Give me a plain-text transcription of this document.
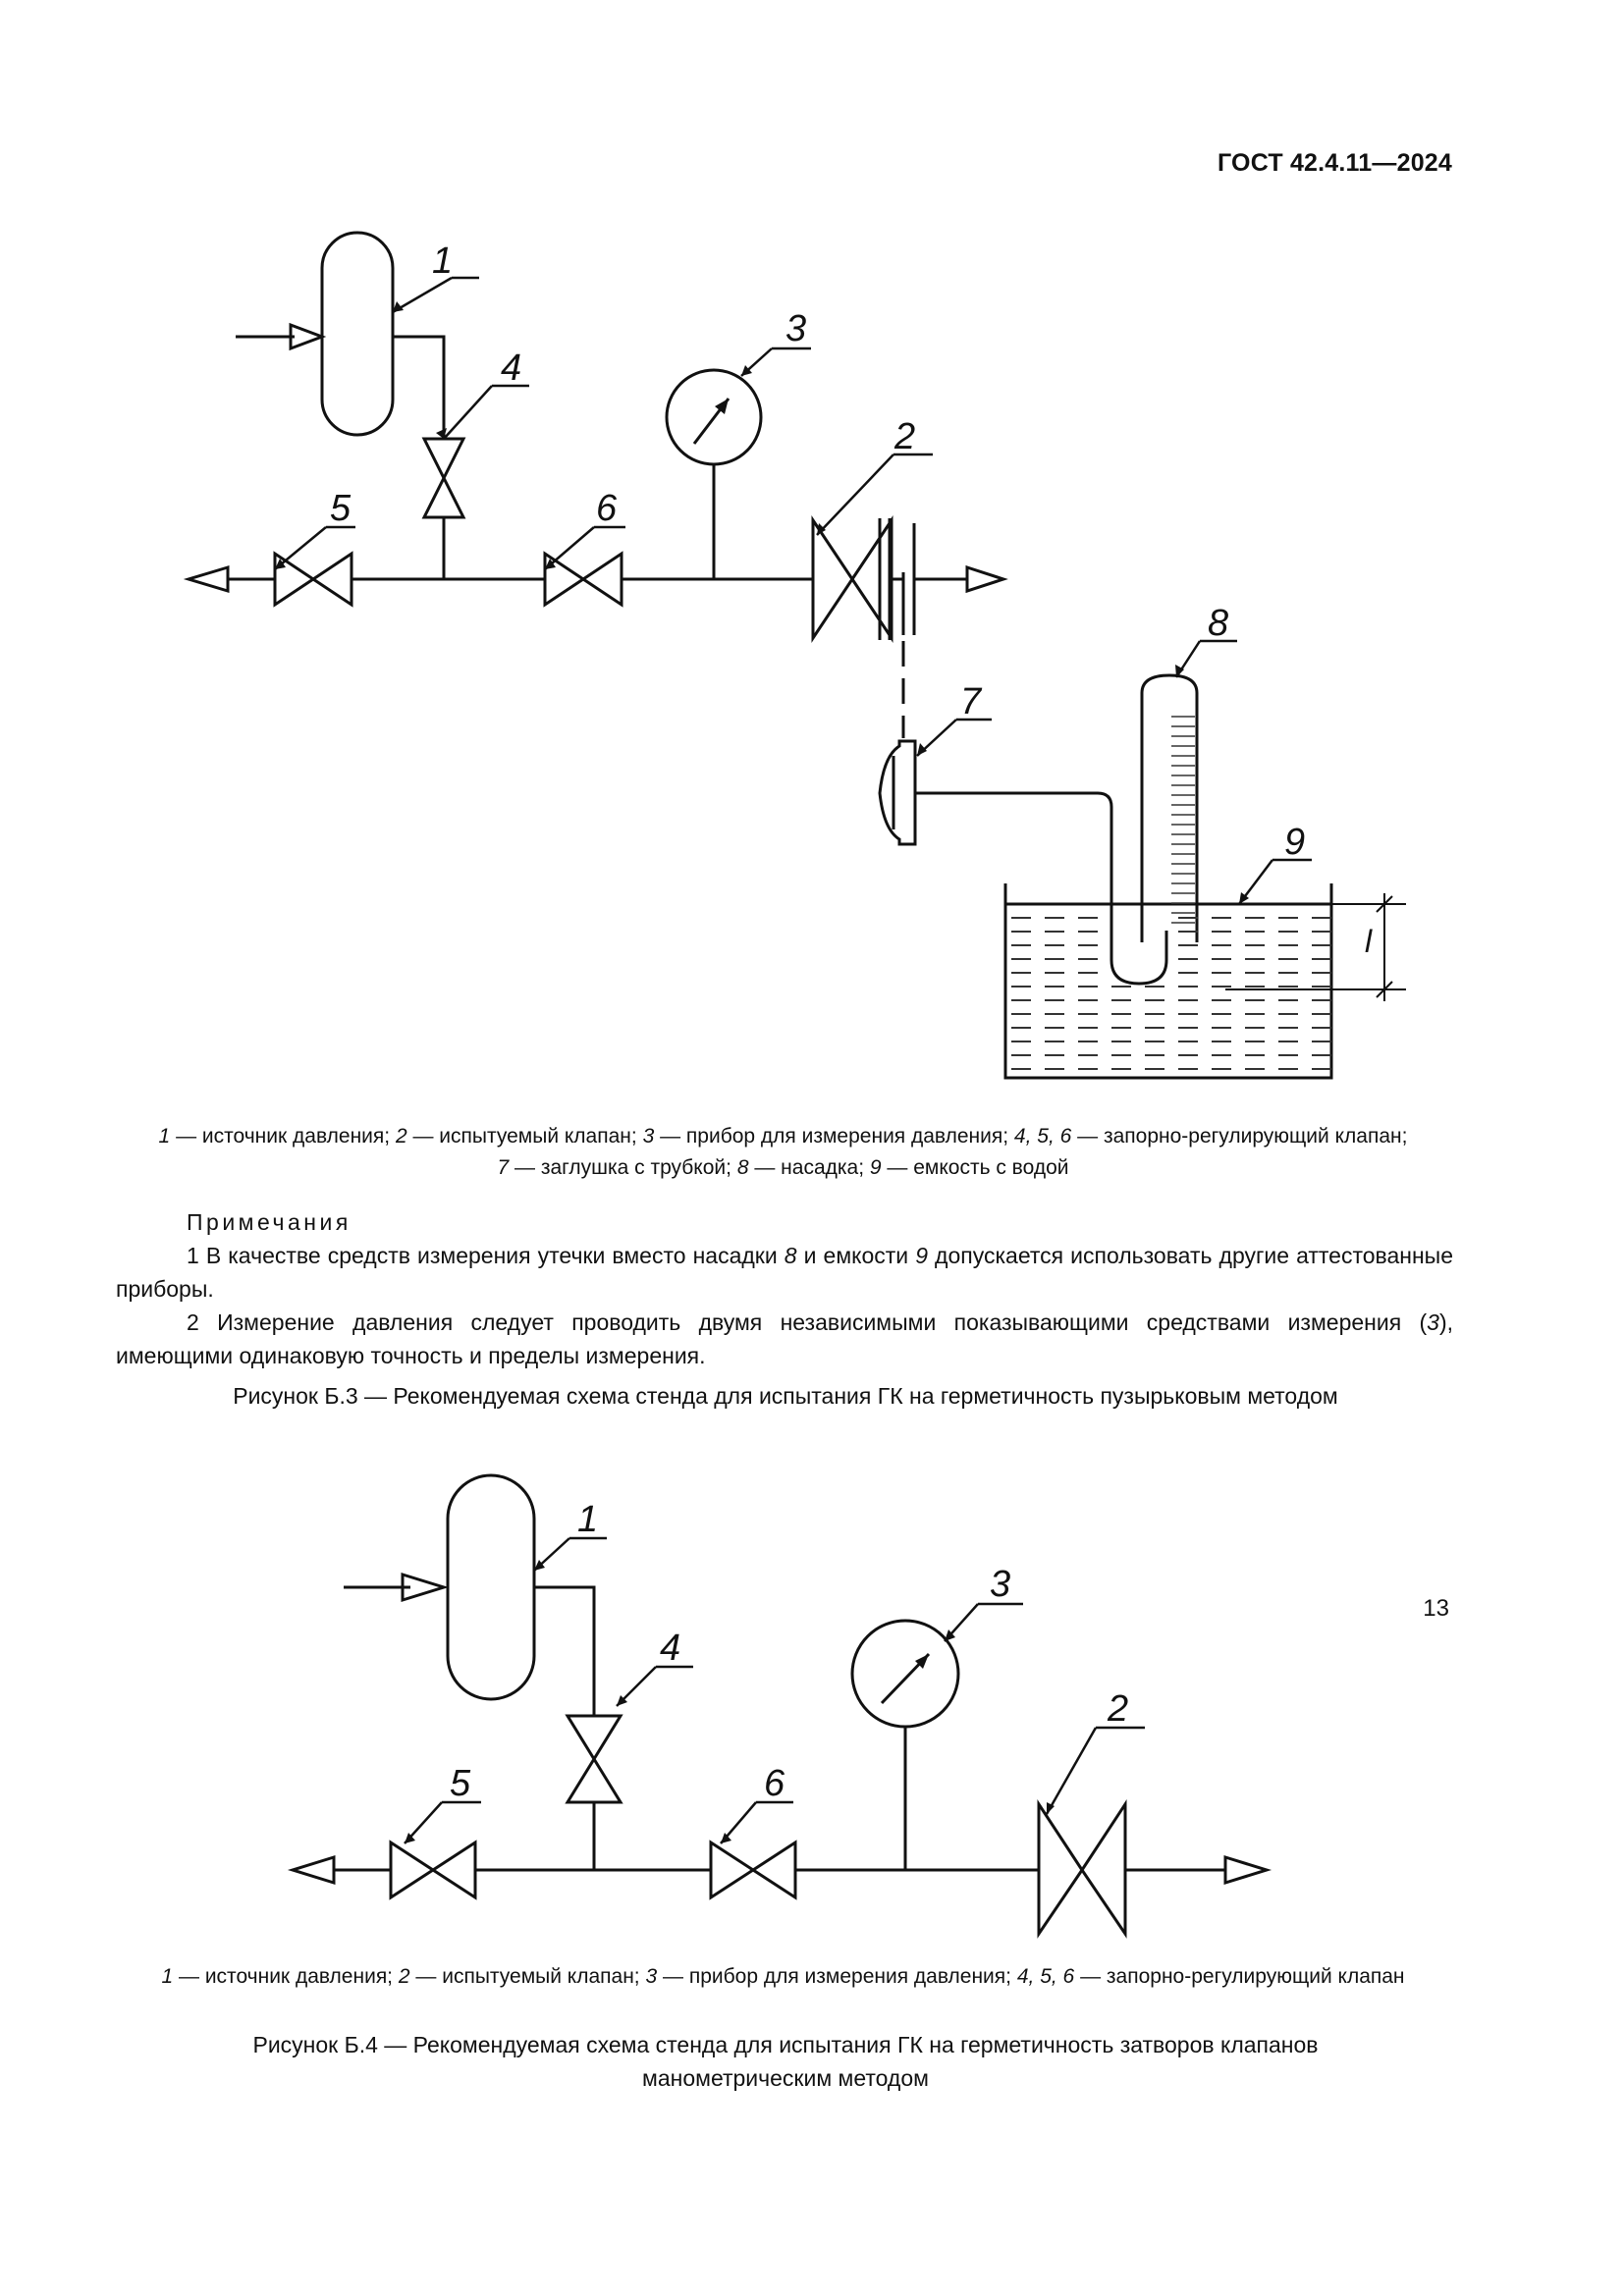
ГОСТ 42.4.11—2024
1
2
3
4
5	6
7
8
9
l
1 — источник давления; 2 — испытуемый клапан; 3 — прибор для измерения давления; 4, 5, 6 — запорно-регулирующий клапан;
7 — заглушка с трубкой; 8 — насадка; 9 — емкость с водой
Примечания

1 В качестве средств измерения утечки вместо насадки 8 и емкости 9 допускается использовать другие аттестованные приборы.

2 Измерение давления следует проводить двумя независимыми показывающими средствами измерения (3), имеющими одинаковую точность и пределы измерения.

Рисунок Б.3 — Рекомендуемая схема стенда для испытания ГК на герметичность пузырьковым методом
1
2
3
4
5	6
1 — источник давления; 2 — испытуемый клапан; 3 — прибор для измерения давления; 4, 5, 6 — запорно-регулирующий клапан
Рисунок Б.4 — Рекомендуемая схема стенда для испытания ГК на герметичность затворов клапанов
манометрическим методом
13
